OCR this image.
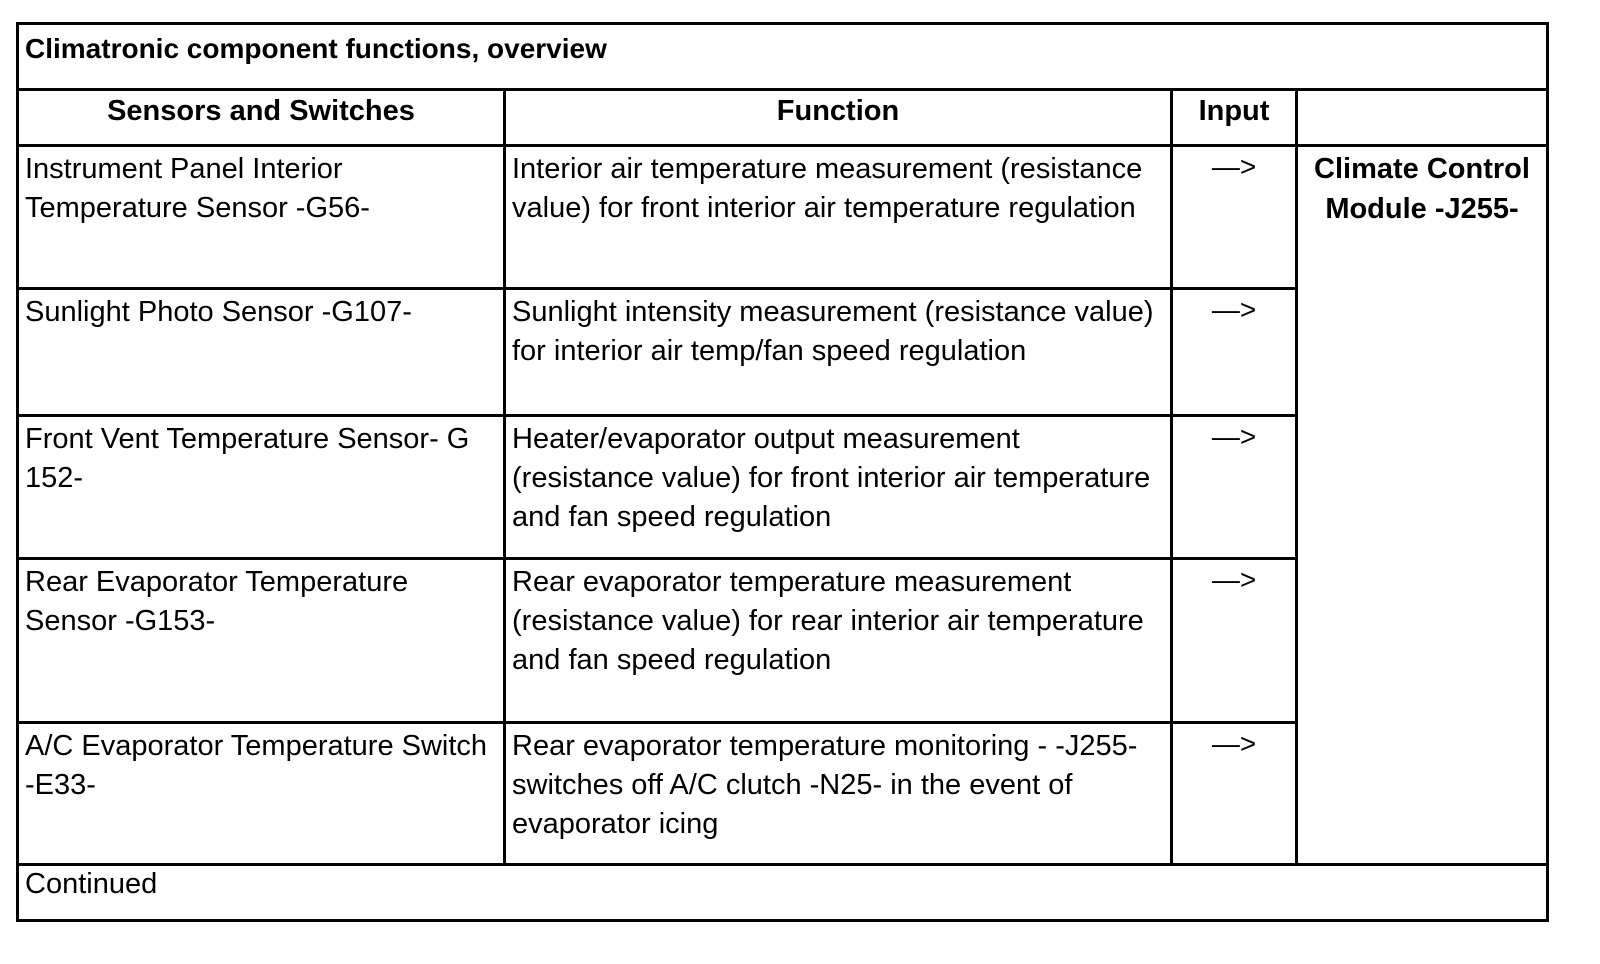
Climatronic component functions, overview			
Sensors and Switches	Function	Input	
Instrument Panel Interior Temperature Sensor -G56-	Interior air temperature measurement (resistance value) for front interior air temperature regulation	—>	Climate Control
Module -J255-

Sunlight Photo Sensor -G107-	Sunlight intensity measurement (resistance value) for interior air temp/fan speed regulation	—>	
Front Vent Temperature Sensor- G 152-	Heater/evaporator output measurement (resistance value) for front interior air temperature and fan speed regulation	—>	
Rear Evaporator Temperature Sensor -G153-	Rear evaporator temperature measurement (resistance value) for rear interior air temperature and fan speed regulation	—>	
A/C Evaporator Temperature Switch -E33-	Rear evaporator temperature monitoring - -J255- switches off A/C clutch -N25- in the event of evaporator icing	—>	
Continued			
